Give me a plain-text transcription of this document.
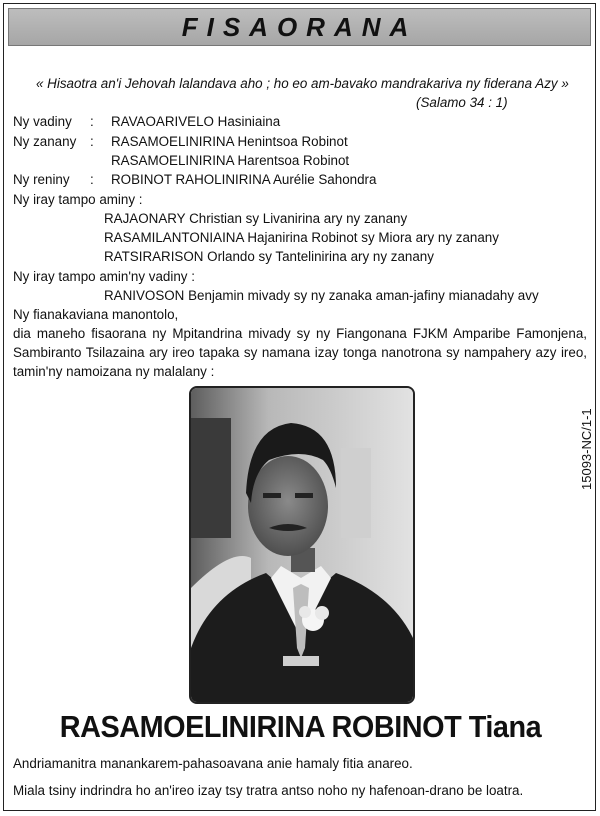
FISAORANA
« Hisaotra an'i Jehovah lalandava aho ; ho eo am-bavako mandrakariva ny fiderana Azy »
(Salamo 34 : 1)
Ny vadiny : RAVAOARIVELO Hasiniaina
Ny zanany : RASAMOELINIRINA Henintsoa Robinot
RASAMOELINIRINA Harentsoa Robinot
Ny reniny : ROBINOT RAHOLINIRINA Aurélie Sahondra
Ny iray tampo aminy :
RAJAONARY Christian sy Livanirina ary ny zanany
RASAMILANTONIAINA Hajanirina Robinot sy Miora ary ny zanany
RATSIRARISON Orlando sy Tantelinirina ary ny zanany
Ny iray tampo amin'ny vadiny :
RANIVOSON Benjamin mivady sy ny zanaka aman-jafiny mianadahy avy
Ny fianakaviana manontolo,
dia maneho fisaorana ny Mpitandrina mivady sy ny Fiangonana FJKM Amparibe Famonjena,
Sambiranto Tsilazaina ary ireo tapaka sy namana izay tonga nanotrona sy nampahery azy ireo,
tamin'ny namoizana ny malalany :
15093-NC/1-1
RASAMOELINIRINA ROBINOT Tiana
Andriamanitra manankarem-pahasoavana anie hamaly fitia anareo.
Miala tsiny indrindra ho an'ireo izay tsy tratra antso noho ny hafenoan-drano be loatra.
